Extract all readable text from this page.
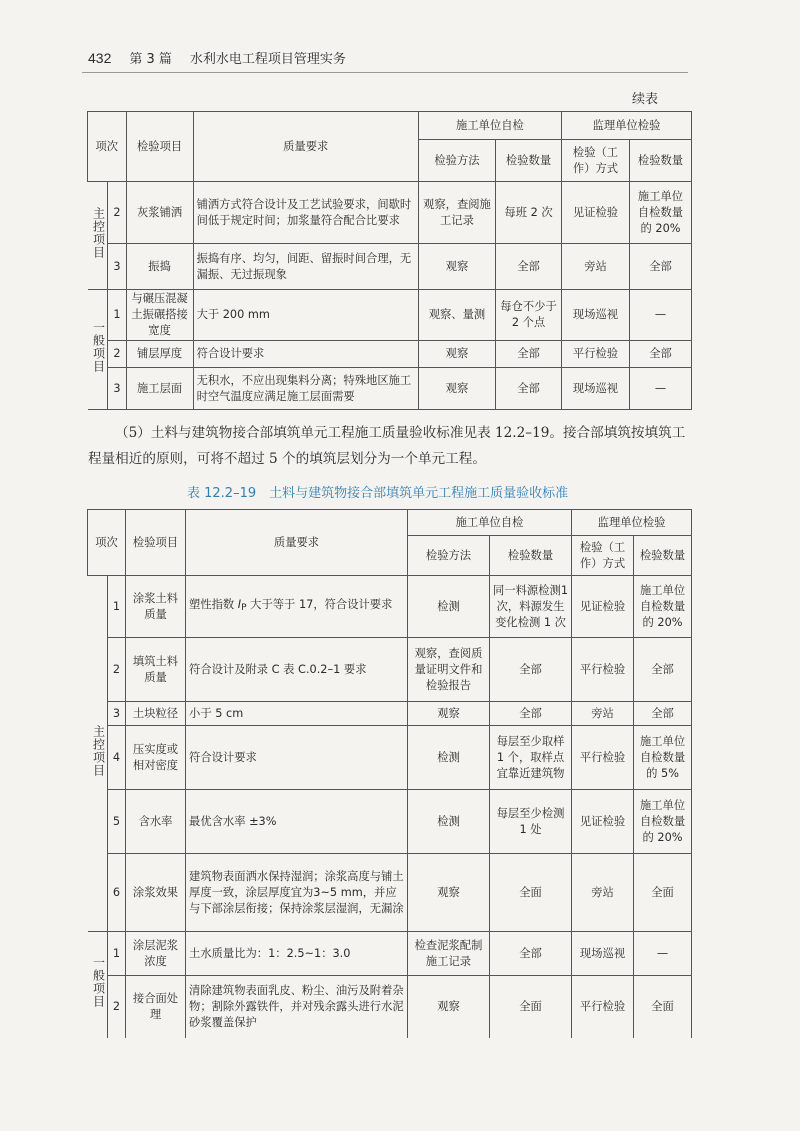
432 第 3 篇 水利水电工程项目管理实务
续表
项次		检验项目	质量要求	施工单位自检		监理单位检验	
				检验方法	检验数量	检验（工作）方式	检验数量
主控项目	2	灰浆铺洒	铺洒方式符合设计及工艺试验要求，间歇时间低于规定时间；加浆量符合配合比要求	观察，查阅施工记录	每班 2 次	见证检验	施工单位自检数量的 20%
	3	振捣	振捣有序、均匀，间距、留振时间合理，无漏振、无过振现象	观察	全部	旁站	全部
一般项目	1	与碾压混凝土振碾搭接宽度	大于 200 mm	观察、量测	每仓不少于 2 个点	现场巡视	—
	2	铺层厚度	符合设计要求	观察	全部	平行检验	全部
	3	施工层面	无积水，不应出现集料分离；特殊地区施工时空气温度应满足施工层面需要	观察	全部	现场巡视	—
（5）土料与建筑物接合部填筑单元工程施工质量验收标准见表 12.2–19。接合部填筑按填筑工程量相近的原则，可将不超过 5 个的填筑层划分为一个单元工程。
表 12.2–19　土料与建筑物接合部填筑单元工程施工质量验收标准
项次		检验项目	质量要求	施工单位自检		监理单位检验	
				检验方法	检验数量	检验（工作）方式	检验数量
主控项目	1	涂浆土料质量	塑性指数 $I_P$ 大于等于 17，符合设计要求	检测	同一料源检测1次，料源发生变化检测 1 次	见证检验	施工单位自检数量的 20%
	2	填筑土料质量	符合设计及附录 C 表 C.0.2–1 要求	观察，查阅质量证明文件和检验报告	全部	平行检验	全部
	3	土块粒径	小于 5 cm	观察	全部	旁站	全部
	4	压实度或相对密度	符合设计要求	检测	每层至少取样 1 个，取样点宜靠近建筑物	平行检验	施工单位自检数量的 5%
	5	含水率	最优含水率 ±3%	检测	每层至少检测 1 处	见证检验	施工单位自检数量的 20%
	6	涂浆效果	建筑物表面洒水保持湿润；涂浆高度与铺土厚度一致，涂层厚度宜为3~5 mm，并应与下部涂层衔接；保持涂浆层湿润，无漏涂	观察	全面	旁站	全面
一般项目	1	涂层泥浆浓度	土水质量比为：1：2.5~1：3.0	检查泥浆配制施工记录	全部	现场巡视	—
	2	接合面处理	清除建筑物表面乳皮、粉尘、油污及附着杂物；割除外露铁件，并对残余露头进行水泥砂浆覆盖保护	观察	全面	平行检验	全面
